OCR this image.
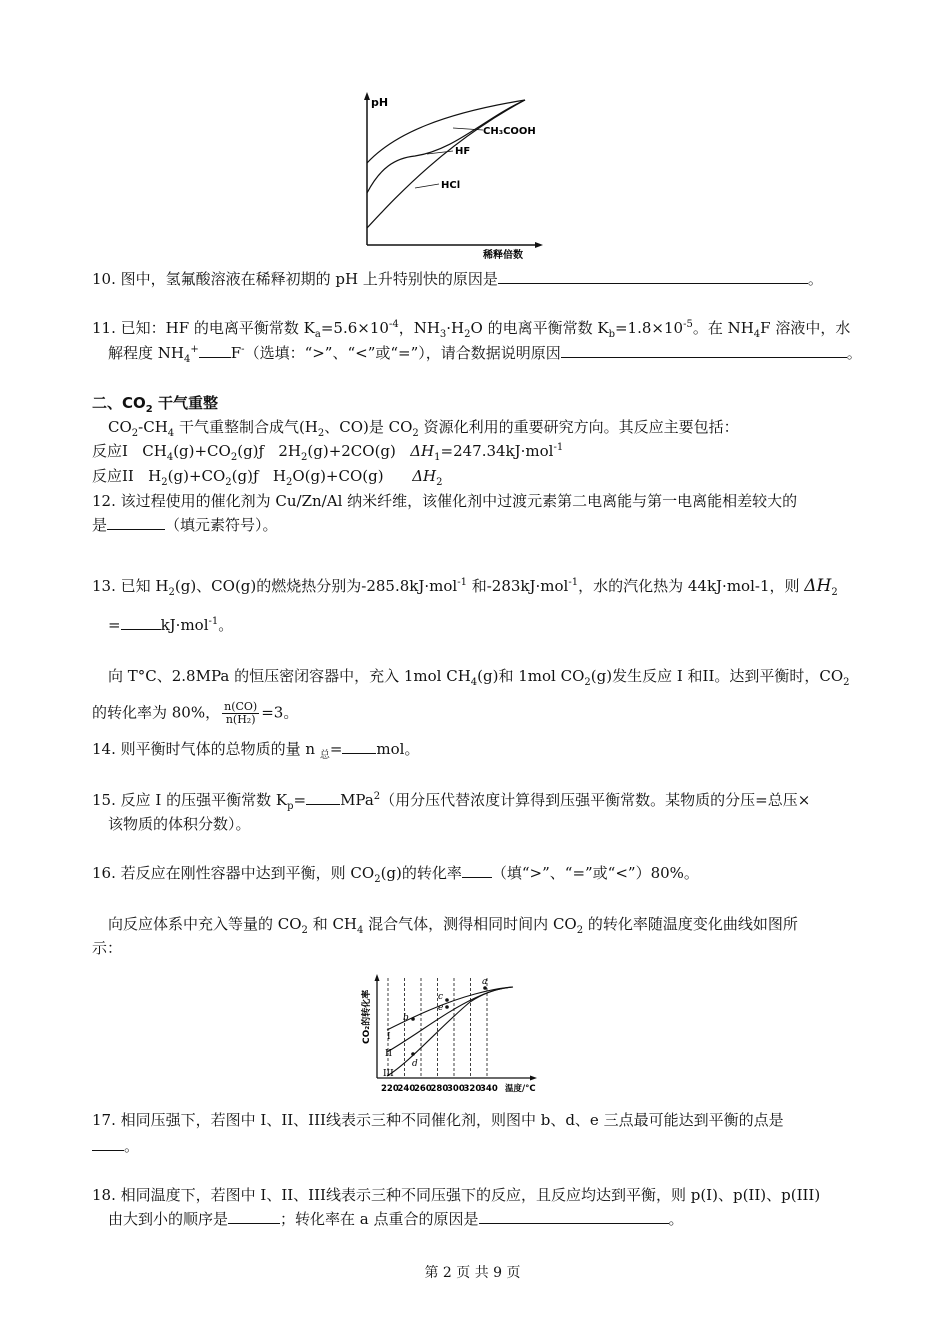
pH
CH₃COOH
HF
HCl
稀释倍数
10. 图中，氢氟酸溶液在稀释初期的 pH 上升特别快的原因是	。
11. 已知：HF 的电离平衡常数 $K_a=5.6\times 10^{-4}$，$NH_3\cdot H_2O$ 的电离平衡常数 $K_b=1.8\times 10^{-5}$。在 $NH_4F$ 溶液中，水
解程度 $NH_4^+$ F-（选填：“>”、“<”或“=”），请合数据说明原因	。
二、$CO_2$ 干气重整
$CO_2-CH_4$ 干气重整制合成气($H_2$、CO)是 $CO_2$ 资源化利用的重要研究方向。其反应主要包括：
反应I $CH_4(g)+CO_2(g)ƒ$ $2H_2(g)+2CO(g)$ $\Delta H_1=247.34kJ\cdot mol^{-1}$
反应II $H_2(g)+CO_2(g)ƒ$ $H_2O(g)+CO(g)$ $\Delta H_2$
12. 该过程使用的催化剂为 Cu/Zn/Al 纳米纤维，该催化剂中过渡元素第二电离能与第一电离能相差较大的
是	（填元素符号）。
13. 已知 $H_2(g)$、CO(g)的燃烧热分别为-285.8kJ·mol$^{-1}$ 和-283kJ·mol$^{-1}$，水的汽化热为 44kJ·mol-1，则 $\Delta H_2$
=	kJ·mol$^{-1}$。
向 T°C、2.8MPa 的恒压密闭容器中，充入 1mol $CH_4(g)$和 1mol $CO_2(g)$发生反应 I 和II。达到平衡时，$CO_2$
的转化率为 80%， $\frac{n(CO)}{\text{n(H₂)}} =3$。
14. 则平衡时气体的总物质的量 n $_总$= mol。
15. 反应 I 的压强平衡常数 $K_p= MPa^2$（用分压代替浓度计算得到压强平衡常数。某物质的分压=总压×
该物质的体积分数）。
16. 若反应在刚性容器中达到平衡，则 $CO_2(g)$的转化率 （填“>”、“=”或“<”）80%。
向反应体系中充入等量的 $CO_2$ 和 $CH_4$ 混合气体，测得相同时间内 $CO_2$ 的转化率随温度变化曲线如图所
示：
CO₂的转化率 I
II
III
b
d
c
e
a
220
240
260
280
300
320
340 温度/°C
17. 相同压强下，若图中 I、II、III线表示三种不同催化剂，则图中 b、d、e 三点最可能达到平衡的点是
。
18. 相同温度下，若图中 I、II、III线表示三种不同压强下的反应，且反应均达到平衡，则 p(I)、p(II)、p(III)
由大到小的顺序是	；转化率在 a 点重合的原因是	。
第 2 页 共 9 页
